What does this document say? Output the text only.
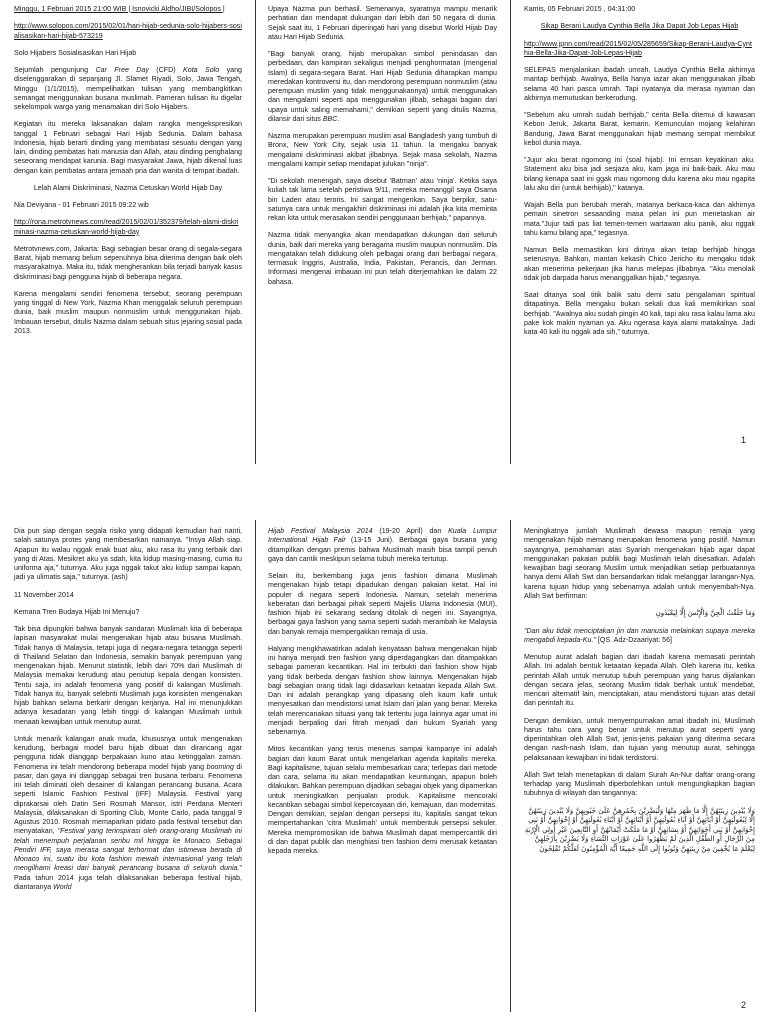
Minggu, 1 Februari 2015 21:00 WIB | Isnovicki Aldho/JIBI/Solopos |

http://www.solopos.com/2015/02/01/hari-hijab-sedunia-solo-hijabers-sosialisasikan-hari-hijab-573219

Solo Hijabers Sosialisasikan Hari Hijab

Sejumlah pengunjung Car Free Day (CFD) Kota Solo yang diselenggarakan di sepanjang Jl. Slamet Riyadi, Solo, Jawa Tengah, Minggu (1/1/2015), mempelihatkan tulisan yang membangkitkan semangat menggunakan busana muslimah. Pameran tulisan itu digelar sekelompok warga yang menamakan diri Solo Hijabers.

Kegiatan itu mereka laksanakan dalam rangka mengekspresikan tanggal 1 Februari sebagai Hari Hijab Sedunia. Dalam bahasa Indonesia, hijab berarti dinding yang membatasi sesuatu dengan yang lain, dinding pembatas hati manusia dan Allah, atau dinding penghalang seseorang mendapat karunia. Bagi masyarakat Jawa, hijab dikenal luas dengan kain pembatas antara jemaah pria dan wanita di tempat ibadah.

Lelah Alami Diskriminasi, Nazma Cetuskan World Hijab Day

Nia Deviyana - 01 Februari 2015 09:22 wib

http://rona.metrotvnews.com/read/2015/02/01/352379/telah-alami-diskriminasi-nazma-cetuskan-world-hijab-day

Metrotvnews.com, Jakarta: Bagi sebagian besar orang di segala-segara Barat, hijab memang belum sepenuhnya bisa diterima dengan baik oleh masyarakatnya. Maka itu, tidak mengherankan bila terjadi banyak kasus diskriminasi bagi pengguna hijab di beberapa negara.

Karena mengalami sendiri fenomena tersebut, seorang perempuan yang tinggal di New York, Nazma Khan menggalak seluruh perempuan dunia, baik muslim maupun nonmuslim untuk menggunakan hijab. Imbauan tersebut, ditulis Nazma dalam sebuah situs jejaring sosial pada 2013.

Upaya Nazma pun berhasil. Semenanya, syaratnya mampu menarik perhatian dan mendapat dukungan dari lebih dari 50 negara di dunia. Sejak saat itu, 1 Februari diperingati hari yang disebut World Hijab Day atau Hari Hijab Sedunia.

"Bagi banyak orang, hijab merupakan simbol penindasan dan perbedaan, dan kampiran sekaligus menjadi penghormatan (mengenal Islam) di segara-segara Barat. Hari Hijab Sedunia diharapkan mampu meredakan kontroversi itu, dan mendorong perempuan nonmuslim (atau perempuan muslim yang tidak menggunakannya) untuk menggunakan dan mengalami seperti apa menggunakan jilbab, sebagai bagian dari upaya untuk saling memahami," demikian seperti yang ditulis Nazma, dilansir dari situs BBC.

Nazma merupakan perempuan muslim asal Bangladesh yang tumbuh di Bronx, New York City, sejak usia 11 tahun. Ia mengaku banyak mengalami diskriminasi akibat jilbabnya. Sejak masa sekolah, Nazma mengalami kampir setiap mendapat julukan "ninja".

"Di sekolah menengah, saya disebut 'Batman' atau 'ninja'. Ketika saya kuliah tak lama setelah peristiwa 9/11, mereka memanggil saya Osama bin Laden atau teroris. Ini sangat mengerikan. Saya berpikir, satu-satunya cara untuk mengakhiri diskriminasi ini adalah jika kita meminta rekan kita untuk merasakan sendiri penggunaan berhijab," papannya.

Nazma tidak menyangka akan mendapatkan dukungan dari seluruh dunia, baik dari mereka yang beragama muslim maupun nonmuslim. Dia mengatakan telah didukung oleh pelbagai orang dari berbagai negara, termasuk Inggris, Australia, India, Pakistan, Perancis, dan Jerman. Informasi mengenai imbauan ini pun telah diterjemahkan ke dalam 22 bahasa.

Kamis, 05 Februari 2015 , 04:31:00

Sikap Berani Laudya Cynthia Bella Jika Dapat Job Lepas Hijab

http://www.jpnn.com/read/2015/02/05/285659/Sikap-Berani-Laudya-Cynthia-Bella-Jika-Dapat-Job-Lepas-Hijab

SELEPAS menjalankan ibadah umrah, Laudya Cynthia Bella akhirnya mantap berhijab. Awalnya, Bella hanya iazar akan menggunakan jilbab selama 40 hari pasca umrah. Tapi nyatanya dia merasa nyaman dan akhirnya memutuskan berkerudung.

"Sebelum aku umrah sudah berhijab," cerita Bella ditemui di kawasan Kebon Jeruk, Jakarta Barat, kemarin. Kemunculan mojang kelahiran Bandung, Jawa Barat menggunakan hijab memang sempat membikut kebol dunia maya.

"Jujur aku berat ngomong ini (soal hijab). Ini ernsan keyakinan aku. Statement aku bisa jadi sesjaza aku, kam jaga ini baik-baik. Aku mau bilang kenapa saat ini ggak mau ngomong dulu karena aku mau ngapita lalu aku diri (untuk berhijab)," katanya.

Wajah Bella pun berubah merah, matanya berkaca-kaca dan akhirnya pemain sinetron sesaanding masa pelan ini pun menetaskan air mata."Jujur tadi pas liat temen-temen wartawan aku panik, aku nggak tahu kamu bilang apa," tegasnya.

Namun Bella memastikan kini dirinya akan tetap berhijab hingga seterusnya. Bahkan, mantan kekasih Chico Jericho itu mengaku tidak akan menerima pekerjaan jika harus melepas jilbabnya. "Aku menolak tidak job darpada harus menanggalkan hijab," tegasnya.

Saat ditanya soal titik balik satu demi satu pengalaman spiritual ditapatinya. Bella mengaku bukan sekali dua kali memikirkan soal berhijab. "Awalnya aku sudah pingin 40 kali, tapi aku rasa kalau lama aku pake kok makin nyaman ya. Aku ngerasa kaya alami matakalnya. Jadi kata 40 kali itu nggak ada sih," tuturnya.

1

Dia pun siap dengan segala risiko yang didapati kemudian hari nanti, salah satunya protes yang membesarkan namanya. "Insya Allah siap. Apapun itu walau nggak enak buat aku, aku rasa itu yang terbaik dari yang di Atas. Mesikret aku ya sdah, kita kidup masing-masing, cuma itu uniforma aja," tuturnya. Aku juga nggak takut aku kidup sampai kapan, jadi ya ulimatis saja," tuturnya. (ash)

11 November 2014

Kemana Tren Budaya Hijab Ini Menuju?

Tak bisa dipungkiri bahwa banyak sandaran Muslimah kita di beberapa lapisan masyarakat mulai mengenakan hijab atau busana Muslimah. Tidak hanya di Malaysia, tetapi juga di negara-negara tetangga seperti di Thailand Selatan dan Indonesia, semakin banyak perempuan yang mengenakan hijab. Menurut statistik, lebih dari 70% dari Muslimah di Malaysia memakai kerudung atau penutup kepala dengan konsisten. Tentu saja, ini adalah fenomena yang positif di kalangan Muslimah. Tidak hanya itu, banyak selebriti Muslimah juga konsisten mengenakan hijab bahkan selama berkarir dengan kerjanya. Hal ini menunjukkan adanya kesadaran yang lebih tinggi di kalangan Muslimah untuk menaati kewajiban untuk menutup aurat.

Untuk menarik kalangan anak muda, khususnya untuk mengenakan kerudung, berbagai model baru hijab dibuat dan dirancang agar pengguna tidak dianggap berpakaian kuno atau ketinggalan zaman. Fenomena ini telah mendorong beberapa model hijab yang booming di pasar, dan gaya ini dianggap sebagai tren busana terbaru. Fenomena ini telah diminati oleh desainer di kalangan perancang busana. Acara seperti Islamic Fashion Festival (IFF) Malaysia. Festival yang diprakarsai oleh Datin Seri Rosmah Mansor, istri Perdana Menteri Malaysia, dilaksanakan di Sporting Club, Monte Carlo, pada tanggal 9 Agustus 2010. Rosmah memaparkan pidato pada festival tersebut dan menyatakan, "Festival yang terinspirasi oleh orang-orang Muslimah ini telah menempuh perjalanan seribu mil hingga ke Monaco. Sebagai Pendiri IFF, saya merasa sangat terhormat dan istimewa berada di Monaco ini, suatu ibu kota fashion mewah internasional yang telah mengilhami kreasi dari banyak perancang busana di seluruh dunia." Pada tahun 2014 juga telah dilaksanakan beberapa festival hijab, diantaranya World

Hijab Festival Malaysia 2014 (19-20 April) dan Kuala Lumpur International Hijab Fair (13-15 Juni). Berbagai gaya busana yang ditampilkan dengan premis bahwa Muslimah masih bisa tampil penuh gaya dan cantik meskipun selama tubuh mereka tertutup.

Selain itu, berkembang juga jenis fashion dimana Muslimah mengenakan hijab tetapi dipadukan dengan pakaian ketat. Hal ini populer di negara seperti Indonesia. Namun, setelah menerima keberatan dari berbagai pihak seperti Majelis Ulama Indonesia (MUI), fashion hijab ini sekarang sedang ditolak di negeri ini. Sayangnya, berbagai gaya fashion yang sama seperti sudah merambah ke Malaysia dan banyak remaja mempergakkan remaja di usia.

Halyang mengkhawatirkan adalah kenyataan bahwa mengenakan hijab ini hanya menjadi tren fashion yang diperdagangkan dan ditampakkan sebagai pameran kecantikan. Hal ini terbukti dari fashion show hijab yang tidak berbeda dengan fashion show lainnya. Mengenakan hijab bagi sebagian orang tidak lagi didasarkan ketaatan kepada Allah Swt. Dan ini adalah perangkap yang dipasang oleh kaum kafir untuk menyesatkan dan mendistorsi umat Islam dari jalan yang benar. Mereka telah merencanakan situasi yang tak tertentu juga lainnya agar umat ini menjadi berpaling dari fitrah menjadi dari hukum Syariah yang sebenarnya.

Mitos kecantikan yang terus menerus sampai kampanye ini adalah bagian dari kaum Barat untuk mengelarkan agenda kapitalis mereka. Bagi kapitalisme, tujuan selalu membesarkan cara; terlepas dari metode dan cara, selama itu akan mendapatkan keuntungan, apapun boleh dilakukan. Bahkan perempuan dijadikan sebagai objek yang dipamerkan untuk meningkatkan penjualan produk. Kapitalisme mencoraki kecantikan sebagai simbol kepercayaan diri, kemajuan, dan modernitas. Dengan demikian, sejalan dengan persepsi itu, kapitalis sangat tekun mempertahankan 'citra Muslimah' untuk membentuk persepsi sekuler. Mereka mempromosikan ide bahwa Muslimah dapat mempercantik diri di dan dapat publik dan menghiasi tren fashion demi merusak ketaatan kepada mereka.

Meningkatnya jumlah Muslimah dewasa maupun remaja yang mengenakan hijab memang merupakan fenomena yang positif. Namun sayangnya, pemahaman atas Syariah mengenakan hijab agar dapat menggunakan pakaian publik bagi Muslimah telah disesatkan. Adalah kewajiban bagi seorang Muslim untuk menjadikan setiap perbuatannya hanya demi Allah Swt dan bersandarkan tidak melanggar larangan-Nya, karena tujuan hidup yang sebenarnya adalah untuk menyembah-Nya. Allah Swt berfirman:

وَمَا خَلَقْتُ الْجِنَّ وَالْإِنْسَ إِلَّا لِيَعْبُدُونِ

"Dan aku tidak menciptakan jin dan manusia melainkan supaya mereka mengabdi kepada-Ku." [QS. Adz-Dzaariyat: 56]

Menutup aurat adalah bagian dari ibadah karena memasati perintah Allah. Ini adalah bentuk ketaatan kepada Allah. Oleh karena itu, ketika perintah Allah untuk menutup tubuh perempuan yang harus dijalankan dengan secara jelas, seorang Muslim tidak berhak untuk mendebat, mencari alternatif lain, menciptakan, atau mendistorsi tujuan atas detail dari perintah itu.

Dengan demikian, untuk menyempurnakan amal ibadah ini, Muslimah harus tahu cara yang benar untuk menutup aurat seperti yang diperintahkan oleh Allah Swt, jenis-jenis pakaian yang diterima secara dengan nash-nash Islam, dan tujuan yang menutup aurat, sehingga pelaksanaan kewajiban ini tidak terdistorsi.

Allah Swt telah menetapkan di dalam Surah An-Nur daftar orang-orang terhadap yang Muslimah diperbolehkan untuk mengungkapkan bagian tubuhnya di wilayah dan tangannya:

وَلَا يُبْدِينَ زِينَتَهُنَّ إِلَّا مَا ظَهَرَ مِنْهَا وَلْيَضْرِبْنَ بِخُمُرِهِنَّ عَلَىٰ جُيُوبِهِنَّ وَلَا يُبْدِينَ زِينَتَهُنَّ إِلَّا لِبُعُولَتِهِنَّ أَوْ آبَائِهِنَّ أَوْ آبَاءِ بُعُولَتِهِنَّ أَوْ أَبْنَائِهِنَّ أَوْ أَبْنَاءِ بُعُولَتِهِنَّ أَوْ إِخْوَانِهِنَّ أَوْ بَنِي إِخْوَانِهِنَّ أَوْ بَنِي أَخَوَاتِهِنَّ أَوْ نِسَائِهِنَّ أَوْ مَا مَلَكَتْ أَيْمَانُهُنَّ أَوِ التَّابِعِينَ غَيْرِ أُولِي الْإِرْبَةِ مِنَ الرِّجَالِ أَوِ الطِّفْلِ الَّذِينَ لَمْ يَظْهَرُوا عَلَىٰ عَوْرَاتِ النِّسَاءِ وَلَا يَضْرِبْنَ بِأَرْجُلِهِنَّ لِيُعْلَمَ مَا يُخْفِينَ مِنْ زِينَتِهِنَّ وَتُوبُوا إِلَى اللَّهِ جَمِيعًا أَيُّهَ الْمُؤْمِنُونَ لَعَلَّكُمْ تُفْلِحُونَ

2
